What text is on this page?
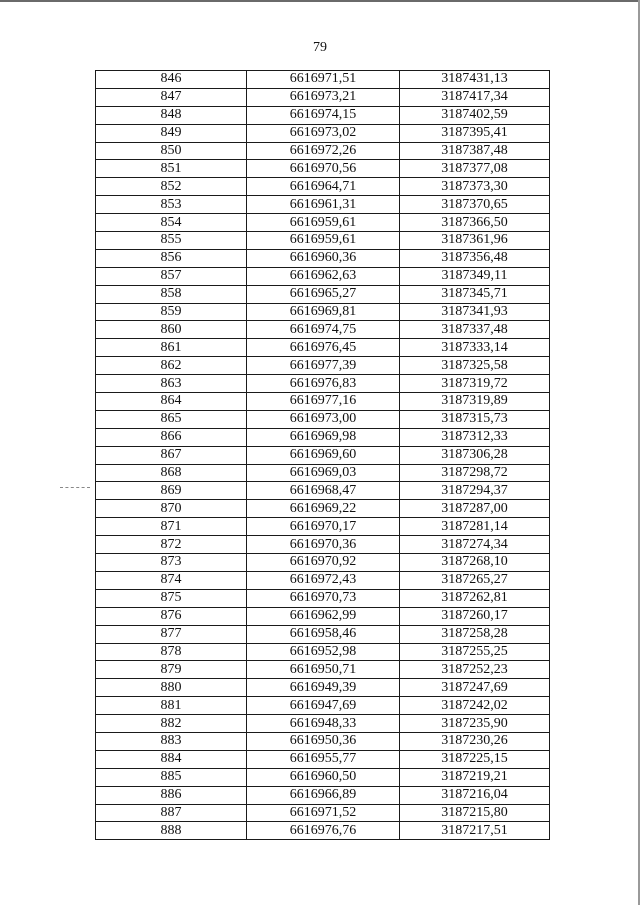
79
846	6616971,51	3187431,13
847	6616973,21	3187417,34
848	6616974,15	3187402,59
849	6616973,02	3187395,41
850	6616972,26	3187387,48
851	6616970,56	3187377,08
852	6616964,71	3187373,30
853	6616961,31	3187370,65
854	6616959,61	3187366,50
855	6616959,61	3187361,96
856	6616960,36	3187356,48
857	6616962,63	3187349,11
858	6616965,27	3187345,71
859	6616969,81	3187341,93
860	6616974,75	3187337,48
861	6616976,45	3187333,14
862	6616977,39	3187325,58
863	6616976,83	3187319,72
864	6616977,16	3187319,89
865	6616973,00	3187315,73
866	6616969,98	3187312,33
867	6616969,60	3187306,28
868	6616969,03	3187298,72
869	6616968,47	3187294,37
870	6616969,22	3187287,00
871	6616970,17	3187281,14
872	6616970,36	3187274,34
873	6616970,92	3187268,10
874	6616972,43	3187265,27
875	6616970,73	3187262,81
876	6616962,99	3187260,17
877	6616958,46	3187258,28
878	6616952,98	3187255,25
879	6616950,71	3187252,23
880	6616949,39	3187247,69
881	6616947,69	3187242,02
882	6616948,33	3187235,90
883	6616950,36	3187230,26
884	6616955,77	3187225,15
885	6616960,50	3187219,21
886	6616966,89	3187216,04
887	6616971,52	3187215,80
888	6616976,76	3187217,51
